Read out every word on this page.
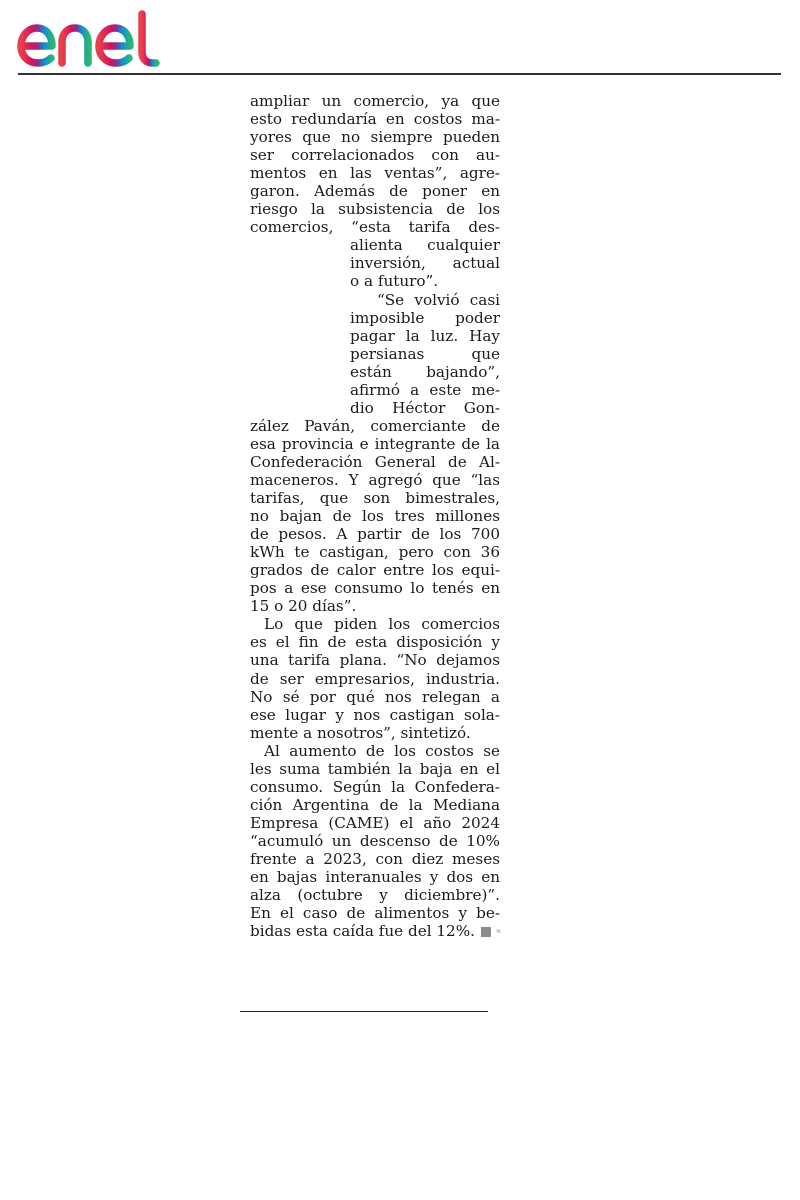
ampliar un comercio, ya que
esto redundaría en costos ma-
yores que no siempre pueden
ser correlacionados con au-
mentos en las ventas”, agre-
garon. Además de poner en
riesgo la subsistencia de los
comercios, “esta tarifa des-
alienta cualquier
inversión, actual
o a futuro”.
“Se volvió casi
imposible poder
pagar la luz. Hay
persianas que
están bajando”,
afirmó a este me-
dio Héctor Gon-
zález Paván, comerciante de
esa provincia e integrante de la
Confederación General de Al-
maceneros. Y agregó que “las
tarifas, que son bimestrales,
no bajan de los tres millones
de pesos. A partir de los 700
kWh te castigan, pero con 36
grados de calor entre los equi-
pos a ese consumo lo tenés en
15 o 20 días”.
Lo que piden los comercios
es el fin de esta disposición y
una tarifa plana. “No dejamos
de ser empresarios, industria.
No sé por qué nos relegan a
ese lugar y nos castigan sola-
mente a nosotros”, sintetizó.
Al aumento de los costos se
les suma también la baja en el
consumo. Según la Confedera-
ción Argentina de la Mediana
Empresa (CAME) el año 2024
“acumuló un descenso de 10%
frente a 2023, con diez meses
en bajas interanuales y dos en
alza (octubre y diciembre)”.
En el caso de alimentos y be-
bidas esta caída fue del 12%.	≋
